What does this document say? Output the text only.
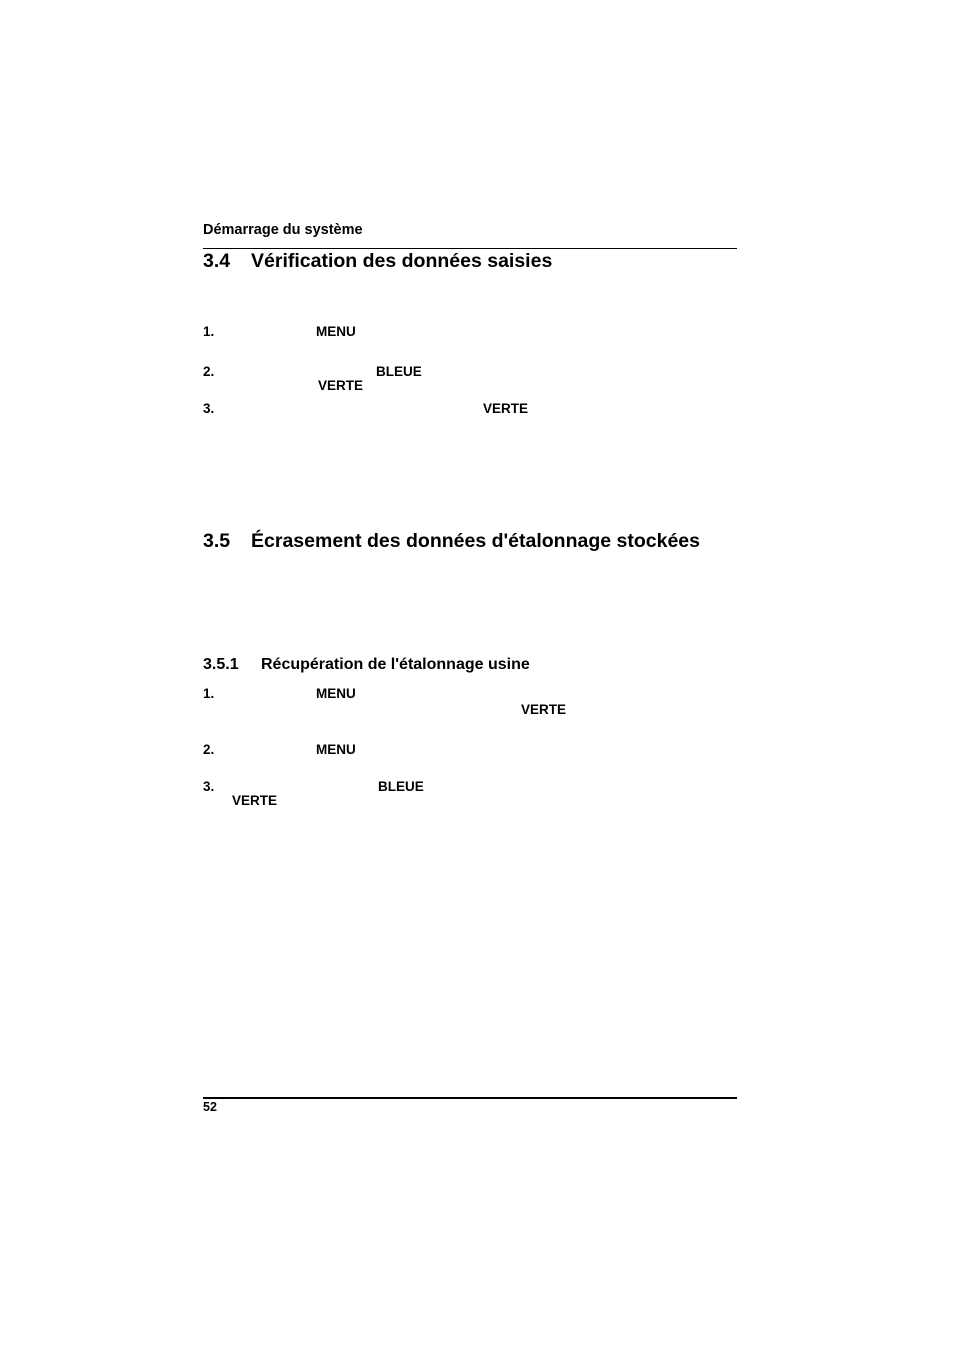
Démarrage du système
3.4 Vérification des données saisies
1.	MENU
2.	BLEUE
VERTE
3.	VERTE
3.5 Écrasement des données d'étalonnage stockées
3.5.1 Récupération de l'étalonnage usine
1.	MENU
VERTE
2.	MENU
3.	BLEUE
VERTE
52
